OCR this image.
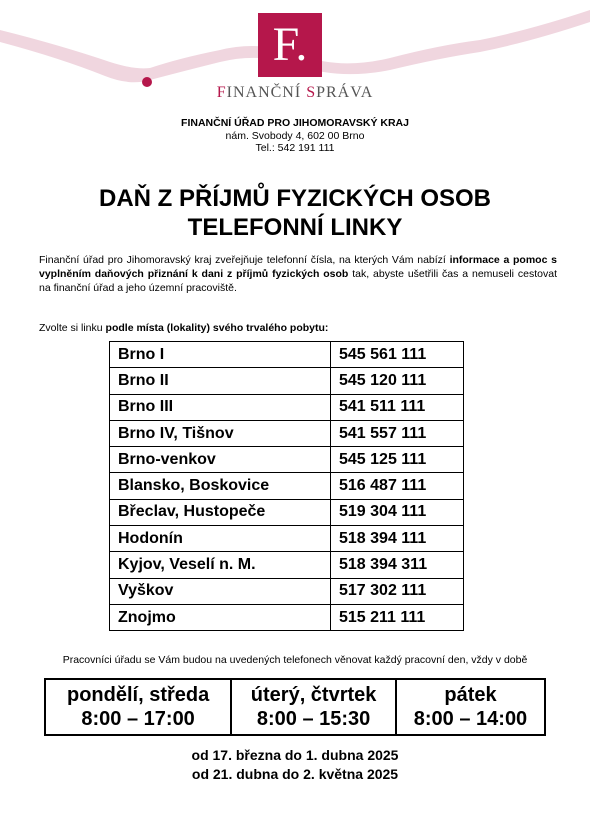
F.
FINANČNÍ SPRÁVA
FINANČNÍ ÚŘAD PRO JIHOMORAVSKÝ KRAJ
nám. Svobody 4, 602 00 Brno
Tel.: 542 191 111
DAŇ Z PŘÍJMŮ FYZICKÝCH OSOB
TELEFONNÍ LINKY
Finanční úřad pro Jihomoravský kraj zveřejňuje telefonní čísla, na kterých Vám nabízí informace a pomoc s vyplněním daňových přiznání k dani z příjmů fyzických osob tak, abyste ušetřili čas a nemuseli cestovat na finanční úřad a jeho územní pracoviště.
Zvolte si linku podle místa (lokality) svého trvalého pobytu:
Brno I	545 561 111
Brno II	545 120 111
Brno III	541 511 111
Brno IV, Tišnov	541 557 111
Brno-venkov	545 125 111
Blansko, Boskovice	516 487 111
Břeclav, Hustopeče	519 304 111
Hodonín	518 394 111
Kyjov, Veselí n. M.	518 394 311
Vyškov	517 302 111
Znojmo	515 211 111
Pracovníci úřadu se Vám budou na uvedených telefonech věnovat každý pracovní den, vždy v době
pondělí, středa
8:00 – 17:00

úterý, čtvrtek
8:00 – 15:30

pátek
8:00 – 14:00
od 17. března do 1. dubna 2025
od 21. dubna do 2. května 2025
